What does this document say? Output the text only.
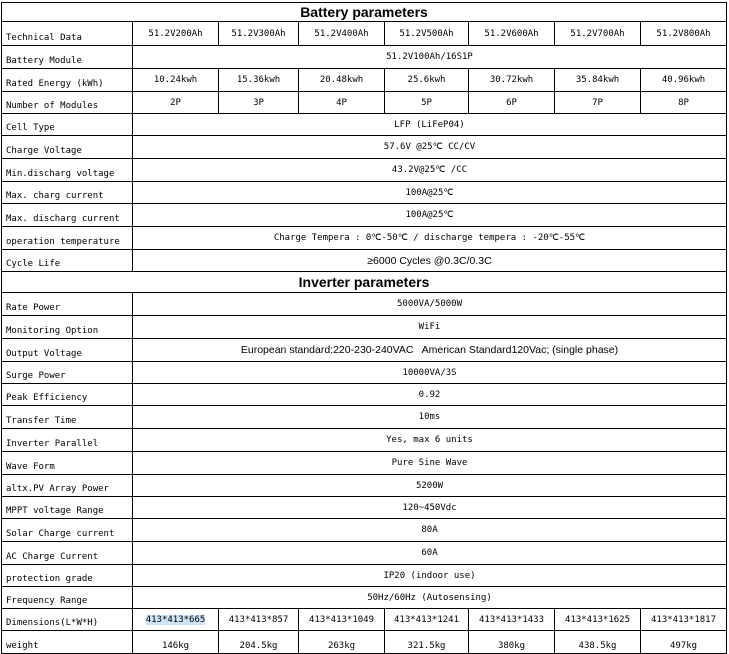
Battery parameters							
Technical Data	51.2V200Ah	51.2V300Ah	51.2V400Ah	51.2V500Ah	51.2V600Ah	51.2V700Ah	51.2V800Ah
Battery Module	51.2V100Ah/16S1P						
Rated Energy (kWh)	10.24kwh	15.36kwh	20.48kwh	25.6kwh	30.72kwh	35.84kwh	40.96kwh
Number of Modules	2P	3P	4P	5P	6P	7P	8P
Cell Type	LFP (LiFeP04)						
Charge Voltage	57.6V @25℃ CC/CV						
Min.discharg voltage	43.2V@25℃ /CC						
Max. charg current	100A@25℃						
Max. discharg current	100A@25℃						
operation temperature	Charge Tempera : 0℃-50℃ / discharge tempera : -20℃-55℃						
Cycle Life	≥6000 Cycles @0.3C/0.3C						
Inverter parameters							
Rate Power	5000VA/5000W						
Monitoring Option	WiFi						
Output Voltage	European standard:220-230-240VAC   American Standard120Vac; (single phase)						
Surge Power	10000VA/3S						
Peak Efficiency	0.92						
Transfer Time	10ms						
Inverter Parallel	Yes, max 6 units						
Wave Form	Pure Sine Wave						
altx.PV Array Power	5200W						
MPPT voltage Range	120~450Vdc						
Solar Charge current	80A						
AC Charge Current	60A						
protection grade	IP20 (indoor use)						
Frequency Range	50Hz/60Hz (Autosensing)						
Dimensions(L*W*H)	413*413*665	413*413*857	413*413*1049	413*413*1241	413*413*1433	413*413*1625	413*413*1817
weight	146kg	204.5kg	263kg	321.5kg	380kg	438.5kg	497kg
